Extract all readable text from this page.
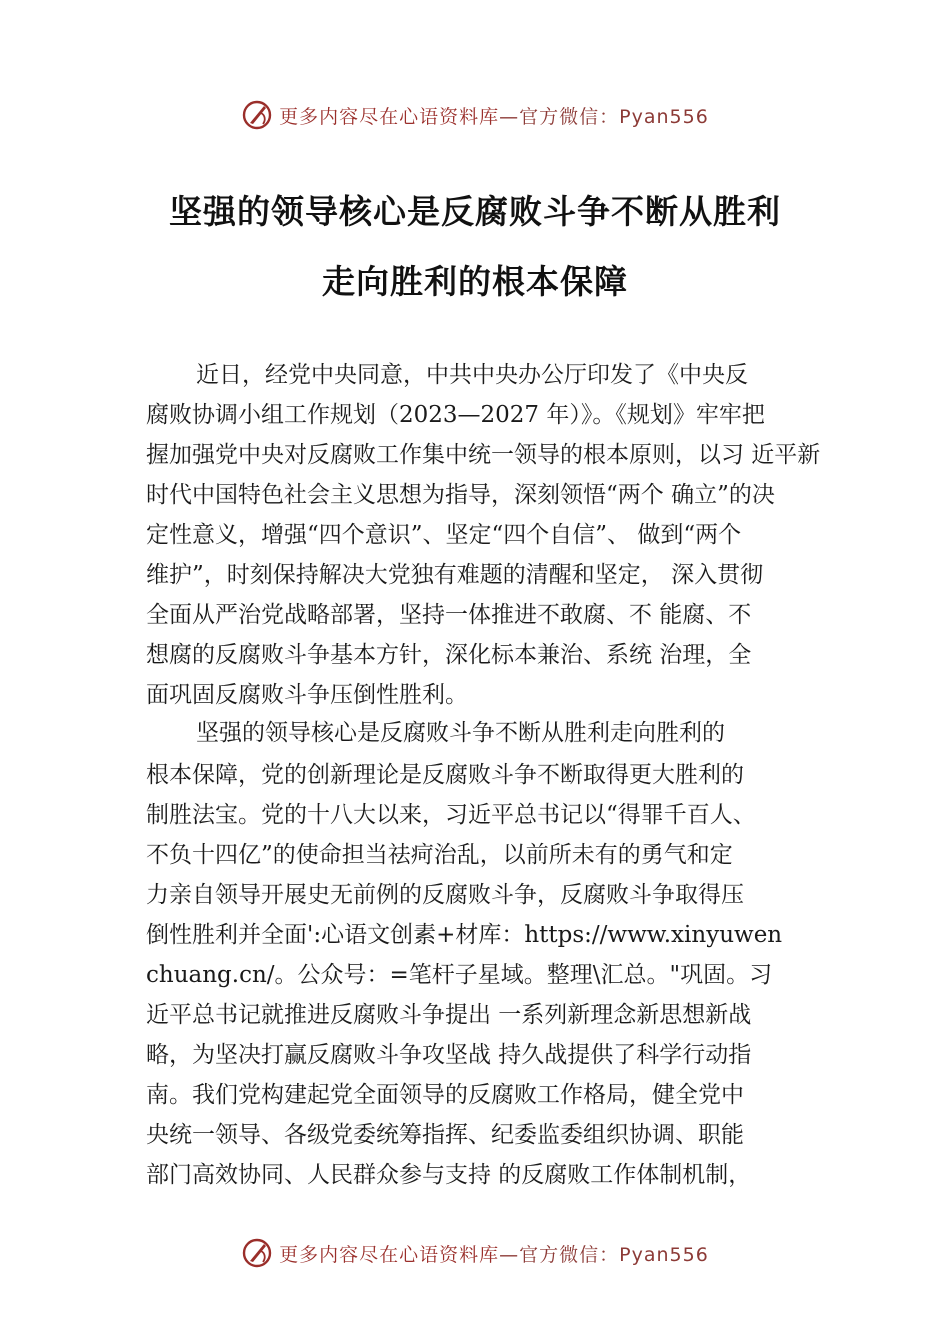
更多内容尽在心语资料库—官方微信：Pyan556
坚强的领导核心是反腐败斗争不断从胜利
走向胜利的根本保障
近日，经党中央同意，中共中央办公厅印发了《中央反
腐败协调小组工作规划（2023—2027 年）》。《规划》牢牢把
握加强党中央对反腐败工作集中统一领导的根本原则，以习 近平新
时代中国特色社会主义思想为指导，深刻领悟“两个 确立”的决
定性意义，增强“四个意识”、坚定“四个自信”、 做到“两个
维护”，时刻保持解决大党独有难题的清醒和坚定， 深入贯彻
全面从严治党战略部署，坚持一体推进不敢腐、不 能腐、不
想腐的反腐败斗争基本方针，深化标本兼治、系统 治理，全
面巩固反腐败斗争压倒性胜利。
坚强的领导核心是反腐败斗争不断从胜利走向胜利的
根本保障，党的创新理论是反腐败斗争不断取得更大胜利的
制胜法宝。党的十八大以来，习近平总书记以“得罪千百人、
不负十四亿”的使命担当祛疴治乱，以前所未有的勇气和定
力亲自领导开展史无前例的反腐败斗争，反腐败斗争取得压
倒性胜利并全面':心语文创素+材库：https://www.xinyuwen
chuang.cn/。公众号：=笔杆子星域。整理\汇总。"巩固。习
近平总书记就推进反腐败斗争提出 一系列新理念新思想新战
略，为坚决打赢反腐败斗争攻坚战 持久战提供了科学行动指
南。我们党构建起党全面领导的反腐败工作格局，健全党中
央统一领导、各级党委统筹指挥、纪委监委组织协调、职能
部门高效协同、人民群众参与支持 的反腐败工作体制机制，
更多内容尽在心语资料库—官方微信：Pyan556
